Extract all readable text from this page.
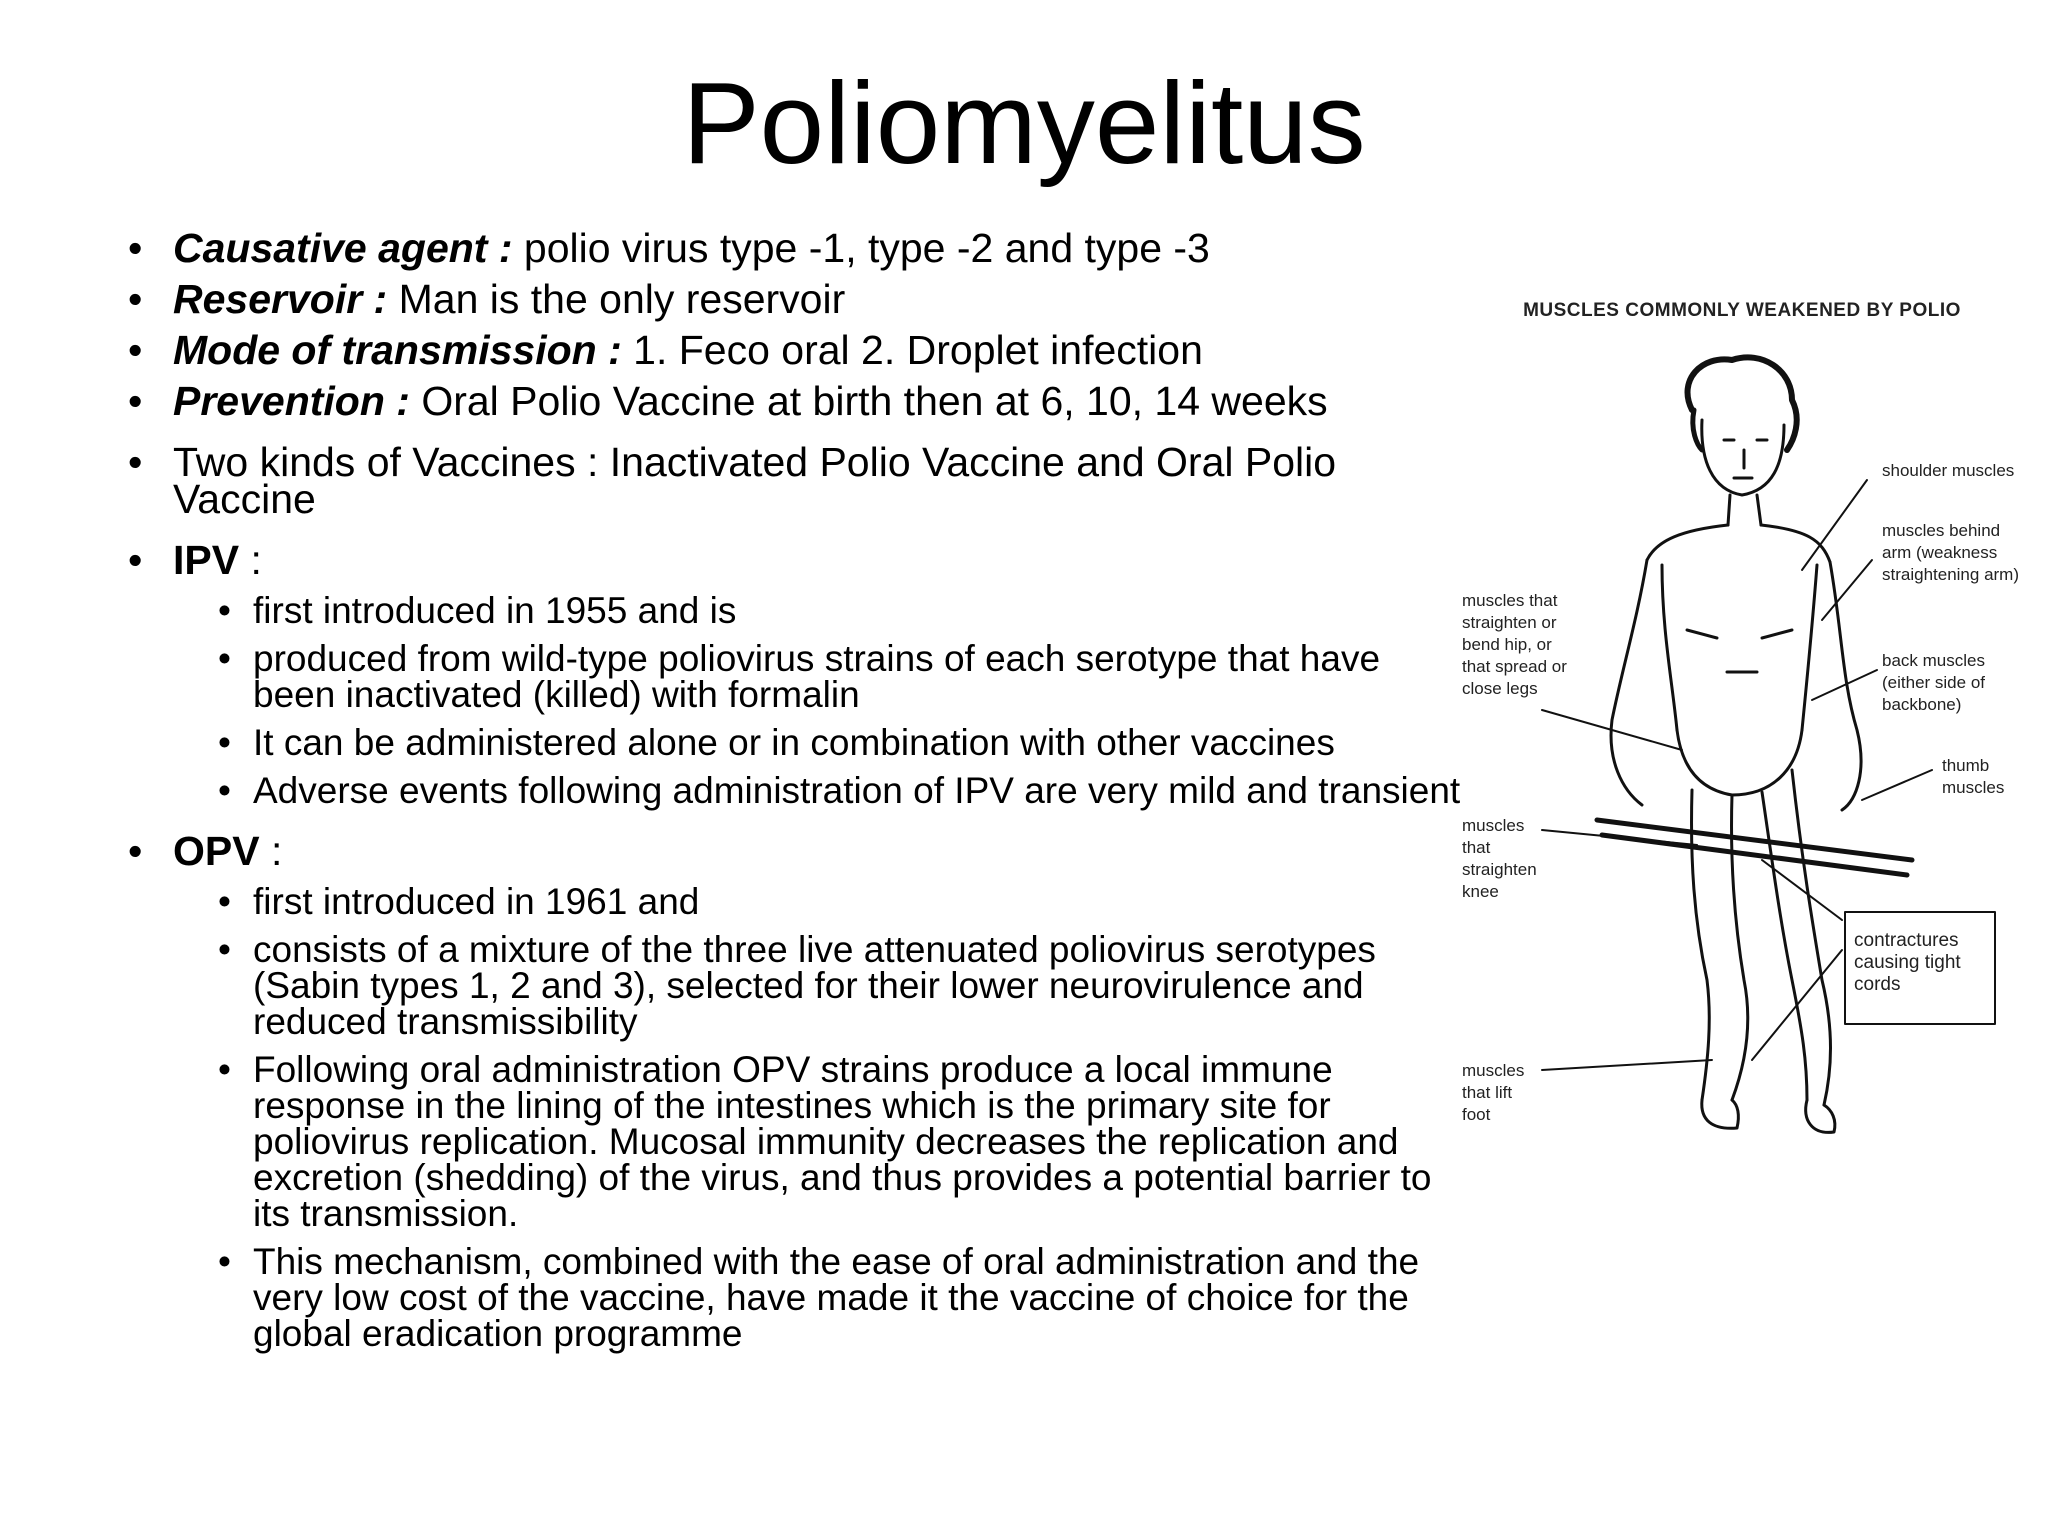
Poliomyelitus
• Causative agent : polio virus type -1, type -2 and type -3
• Reservoir : Man is the only reservoir
• Mode of transmission : 1. Feco oral 2. Droplet infection
• Prevention : Oral Polio Vaccine at birth then at 6, 10, 14 weeks
• Two kinds of Vaccines : Inactivated Polio Vaccine and Oral Polio Vaccine
• IPV :
• first introduced in 1955 and is
• produced from wild-type poliovirus strains of each serotype that have been inactivated (killed) with formalin
• It can be administered alone or in combination with other vaccines
• Adverse events following administration of IPV are very mild and transient
• OPV :
• first introduced in 1961 and
• consists of a mixture of the three live attenuated poliovirus serotypes (Sabin types 1, 2 and 3), selected for their lower neurovirulence and reduced transmissibility
• Following oral administration OPV strains produce a local immune response in the lining of the intestines which is the primary site for poliovirus replication. Mucosal immunity decreases the replication and excretion (shedding) of the virus, and thus provides a potential barrier to its transmission.
• This mechanism, combined with the ease of oral administration and the very low cost of the vaccine, have made it the vaccine of choice for the global eradication programme
MUSCLES COMMONLY WEAKENED BY POLIO
shoulder muscles
muscles behind arm (weakness straightening arm)
back muscles (either side of backbone)
thumb muscles
muscles that straighten or bend hip, or that spread or close legs
muscles that straighten knee
contractures causing tight cords
muscles that lift foot
